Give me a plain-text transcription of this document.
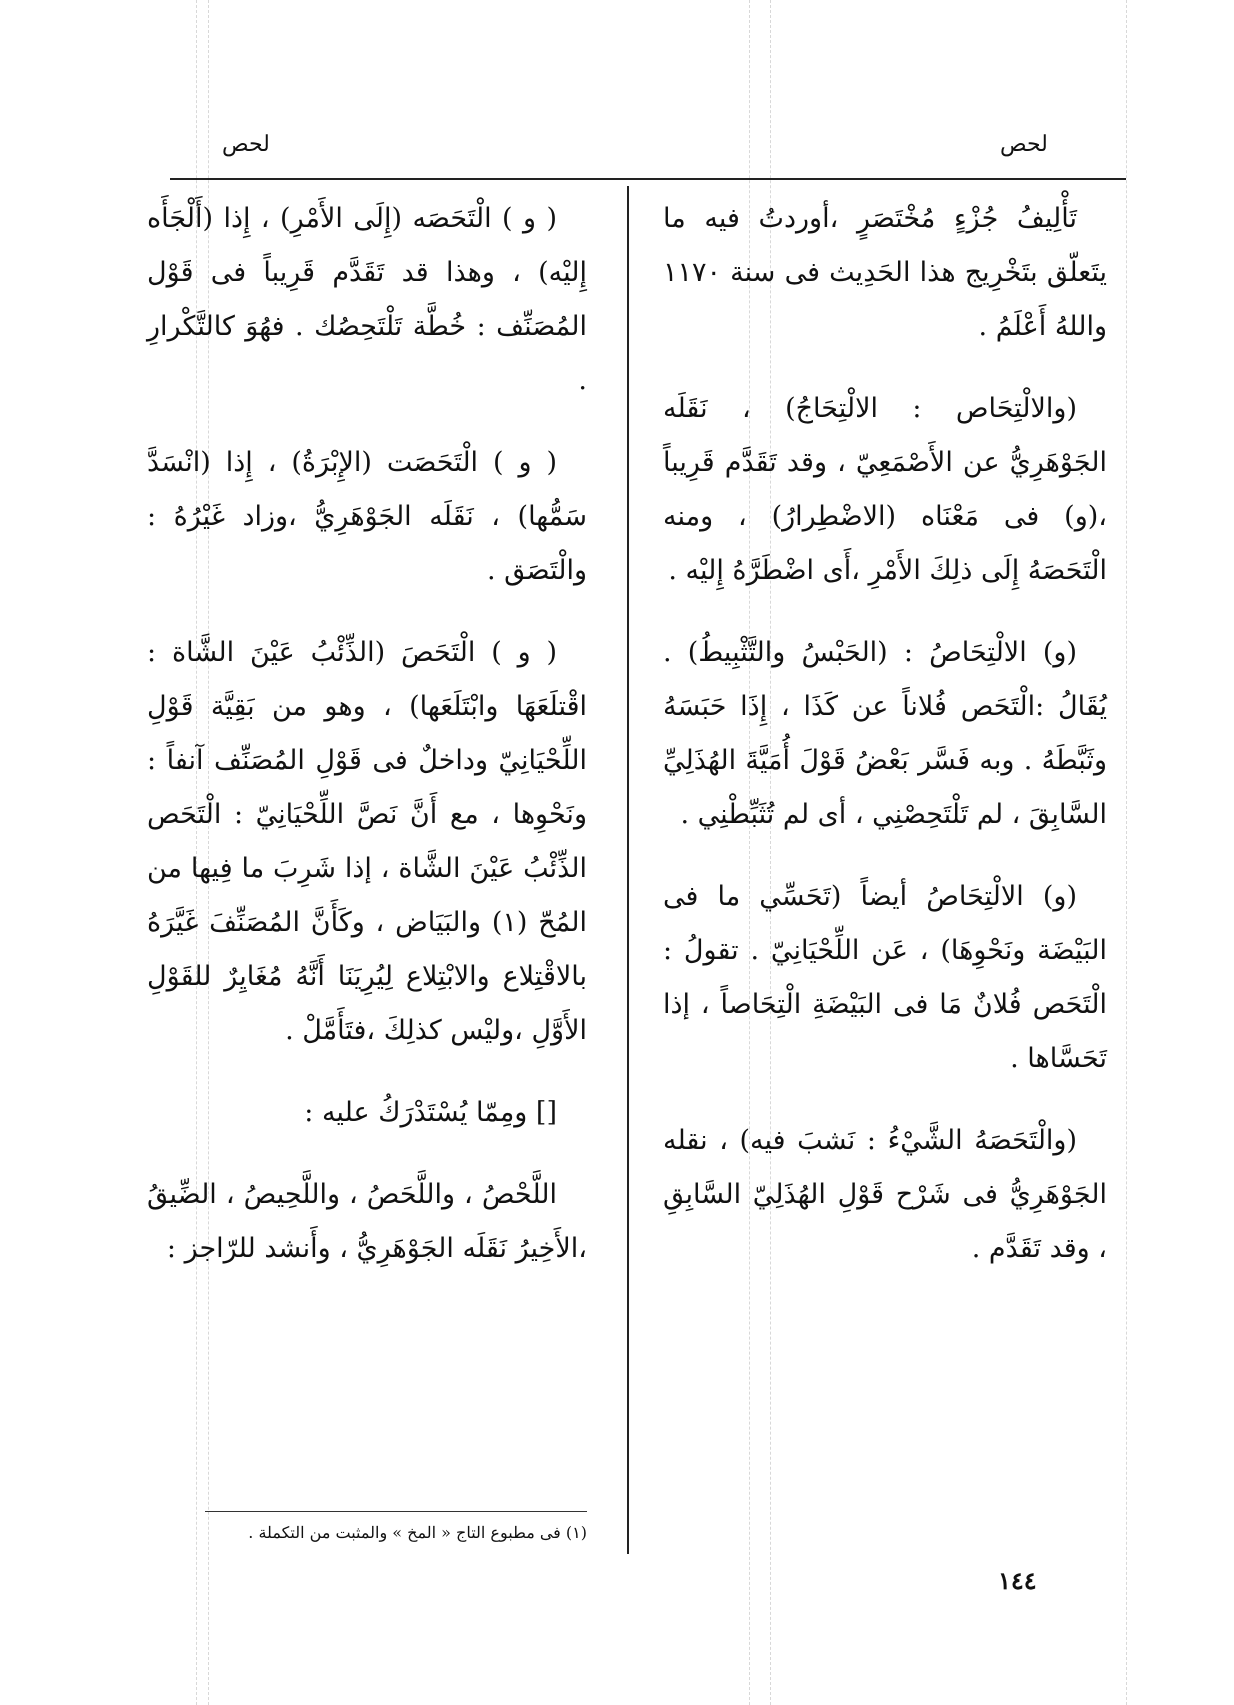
لحص	لحص

تَأْلِيفُ جُزْءٍ مُخْتَصَرٍ ،أوردتُ فيه ما يتَعلّق بتَخْرِيج هذا الحَدِيث فى سنة ١١٧٠ واللهُ أَعْلَمُ .

(والالْتِحَاص : الالْتِحَاجُ) ، نَقَلَه الجَوْهَرِيُّ عن الأَصْمَعِيّ ، وقد تَقَدَّم قَرِيباً ،(و) فى مَعْنَاه (الاضْطِرارُ) ، ومنه الْتَحَصَهُ إِلَى ذلِكَ الأَمْرِ ،أَى اضْطَرَّهُ إِليْه .

(و) الالْتِحَاصُ : (الحَبْسُ والتَّثْبِيطُ) . يُقَالُ :الْتَحَص فُلاناً عن كَذَا ، إِذَا حَبَسَهُ وثَبَّطَهُ . وبه فَسَّر بَعْضُ قَوْلَ أُمَيَّةَ الهُذَلِيِّ السَّابِقَ ، لم تَلْتَحِصْنِي ، أى لم تُثَبِّطْنِي .

(و) الالْتِحَاصُ أيضاً (تَحَسِّي ما فى البَيْضَة ونَحْوِهَا) ، عَن اللِّحْيَانِيّ . تقولُ : الْتَحَص فُلانٌ مَا فى البَيْضَةِ الْتِحَاصاً ، إذا تَحَسَّاها .

(والْتَحَصَهُ الشَّيْءُ : نَشبَ فيه) ، نقله الجَوْهَرِيُّ فى شَرْح قَوْلِ الهُذَلِيّ السَّابِقِ ، وقد تَقَدَّم .

( و ) الْتَحَصَه (إِلَى الأَمْرِ) ، إِذا (أَلْجَأَه إِليْه) ، وهذا قد تَقَدَّم قَرِيباً فى قَوْل المُصَنِّف : خُطَّة تَلْتَحِصُك . فهُوَ كالتَّكْرارِ .

( و ) الْتَحَصَت (الإِبْرَةُ) ، إِذا (انْسَدَّ سَمُّها) ، نَقَلَه الجَوْهَرِيُّ ،وزاد غَيْرُهُ : والْتَصَق .

( و ) الْتَحَصَ (الذِّئْبُ عَيْنَ الشَّاة : اقْتلَعَهَا وابْتَلَعَها) ، وهو من بَقِيَّة قَوْلِ اللِّحْيَانِيّ وداخلٌ فى قَوْلِ المُصَنِّف آنفاً : ونَحْوِها ، مع أَنَّ نَصَّ اللِّحْيَانِيّ : الْتَحَص الذِّئْبُ عَيْنَ الشَّاة ، إذا شَرِبَ ما فِيها من المُحّ (١) والبَيَاض ، وكَأَنَّ المُصَنِّفَ غَيَّرَهُ بالاقْتِلاع والابْتِلاع لِيُرِيَنَا أَنَّهُ مُغَايِرٌ للقَوْلِ الأَوَّلِ ،وليْس كذلِكَ ،فتَأَمَّلْ .

[] ومِمّا يُسْتَدْرَكُ عليه :

اللَّحْصُ ، واللَّحَصُ ، واللَّحِيصُ ، الضِّيقُ ،الأَخِيرُ نَقَلَه الجَوْهَرِيُّ ، وأَنشد للرّاجز :

(١) فى مطبوع التاج « المخ » والمثبت من التكملة .
١٤٤
